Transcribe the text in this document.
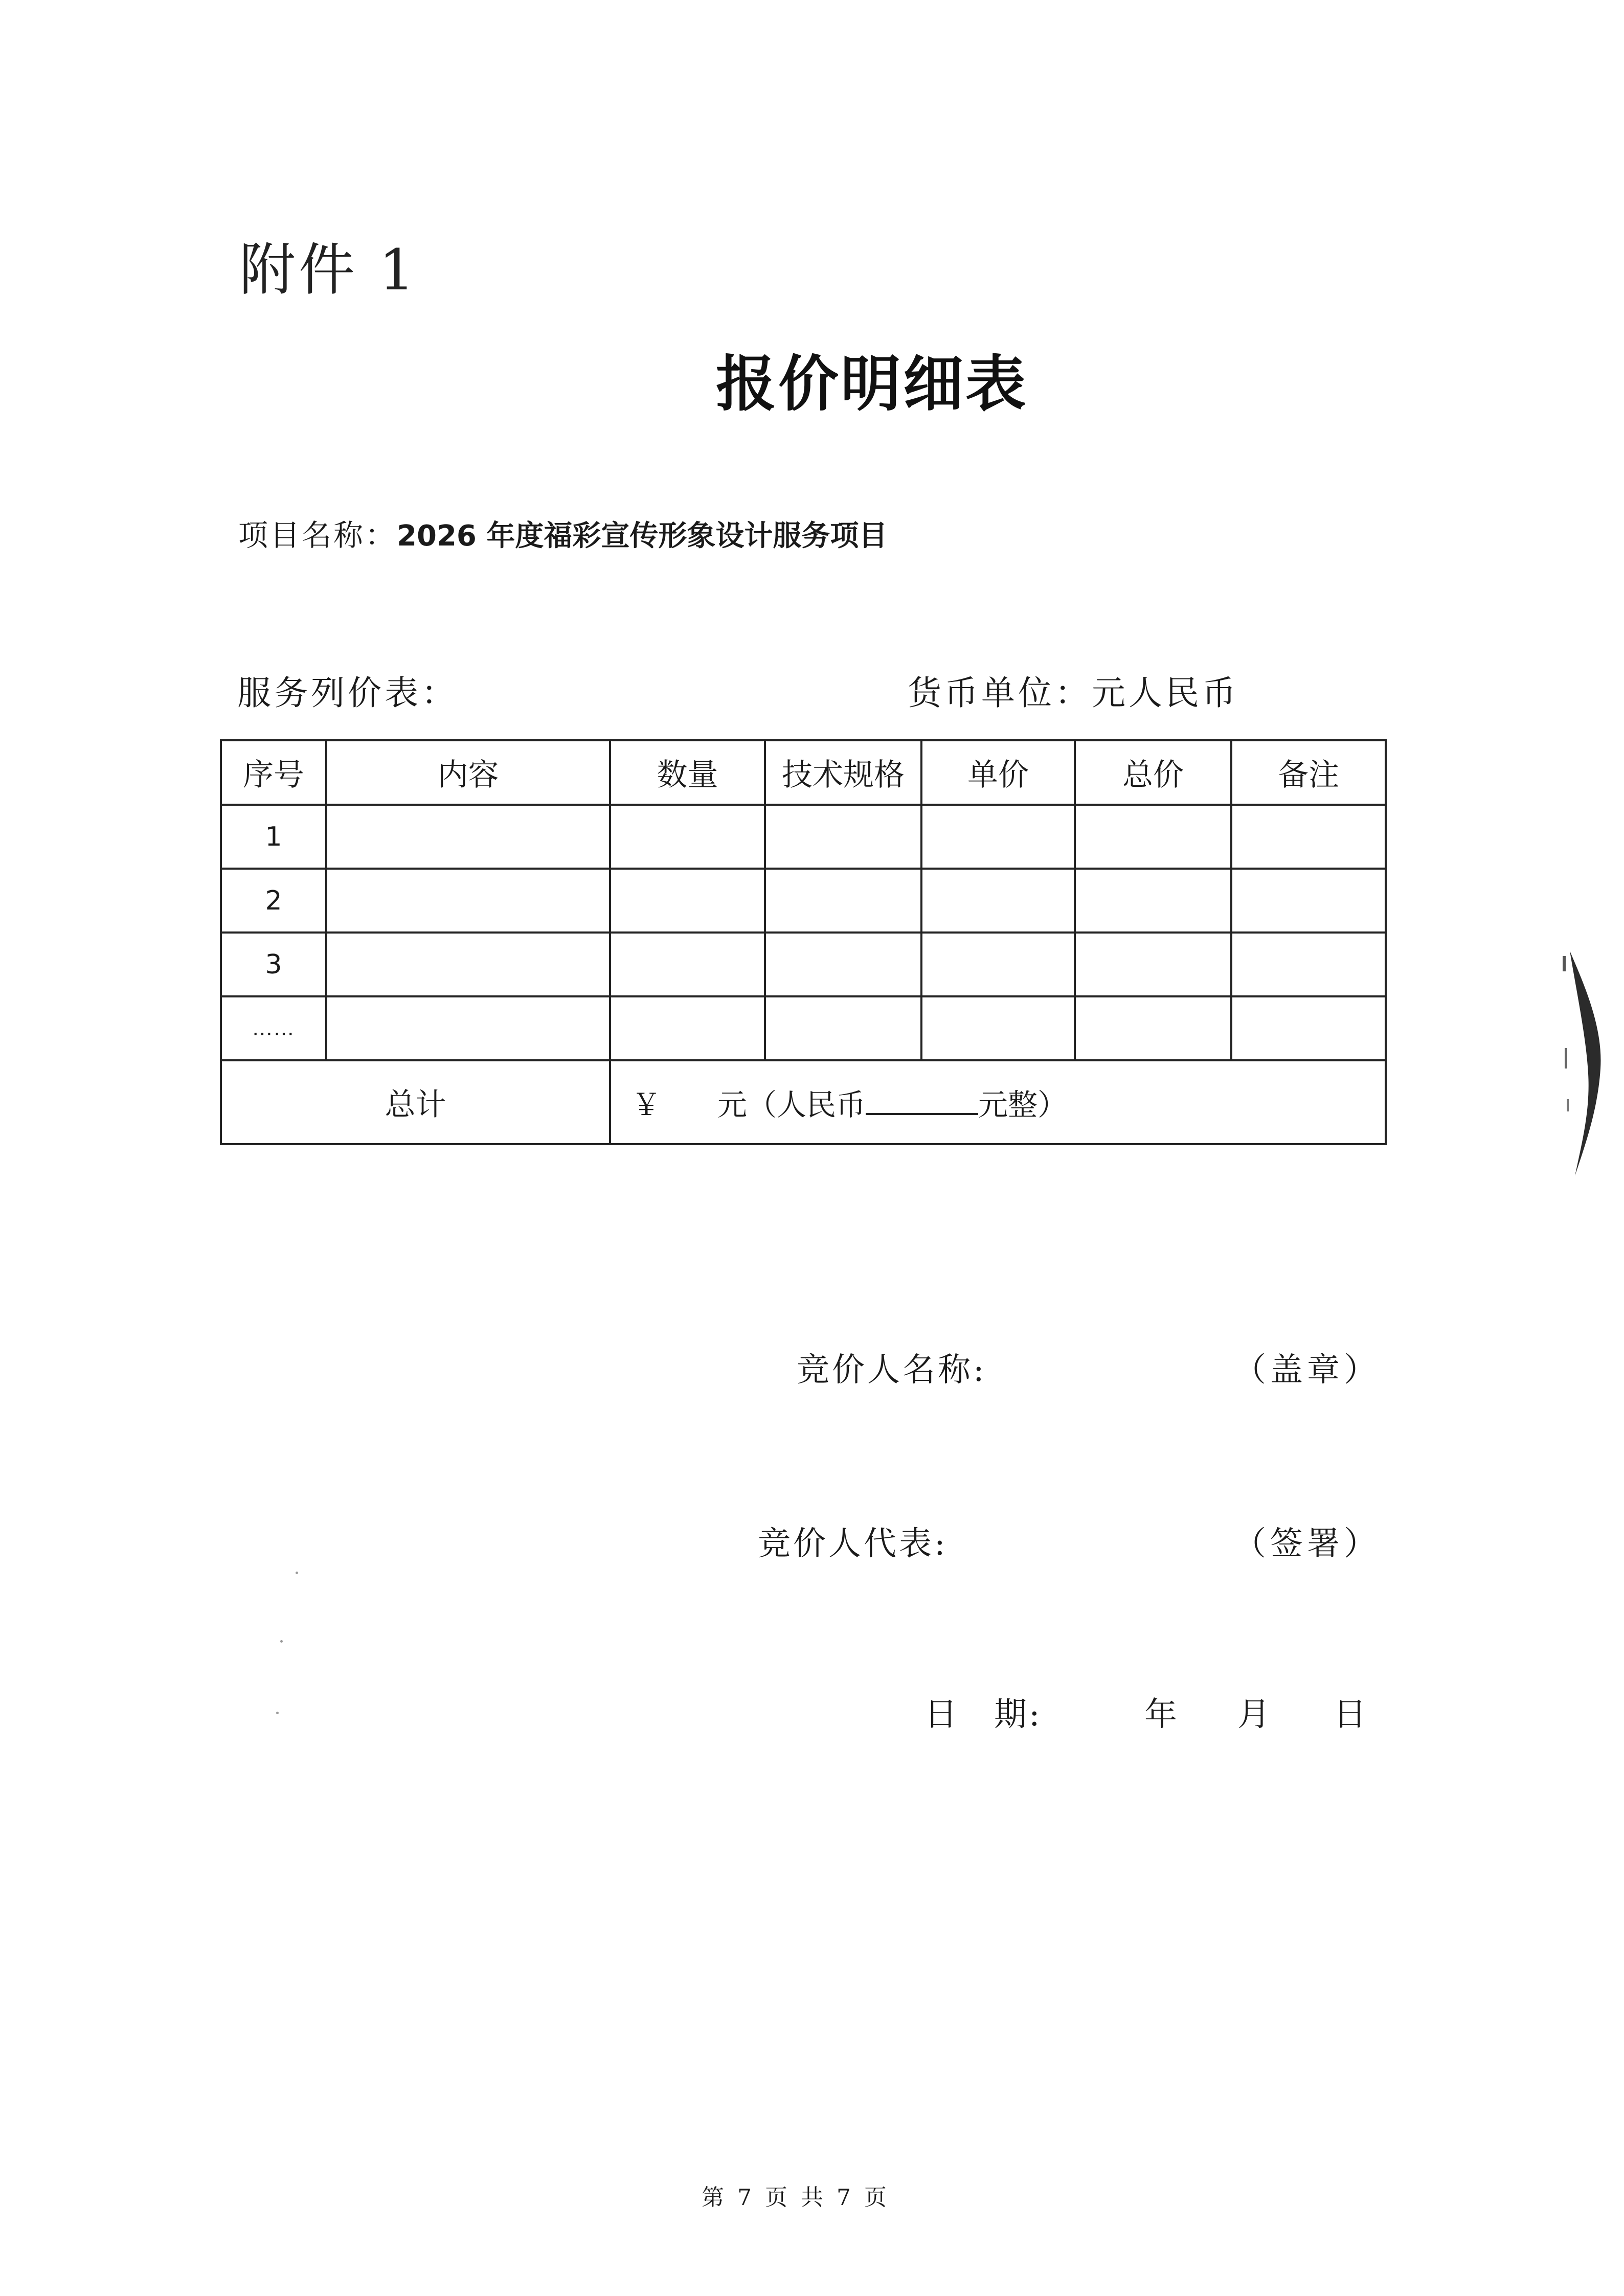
附件 1
报价明细表
项目名称：2026 年度福彩宣传形象设计服务项目
服务列价表：	货币单位：元人民币
序号	内容	数量	技术规格	单价	总价	备注
1						
2						
3						
……						
总计		￥ 元（人民币 元整）				
竞价人名称:	（盖章）
竞价人代表:	（签署）
日　期:	年 月 日
第 7 页 共 7 页
